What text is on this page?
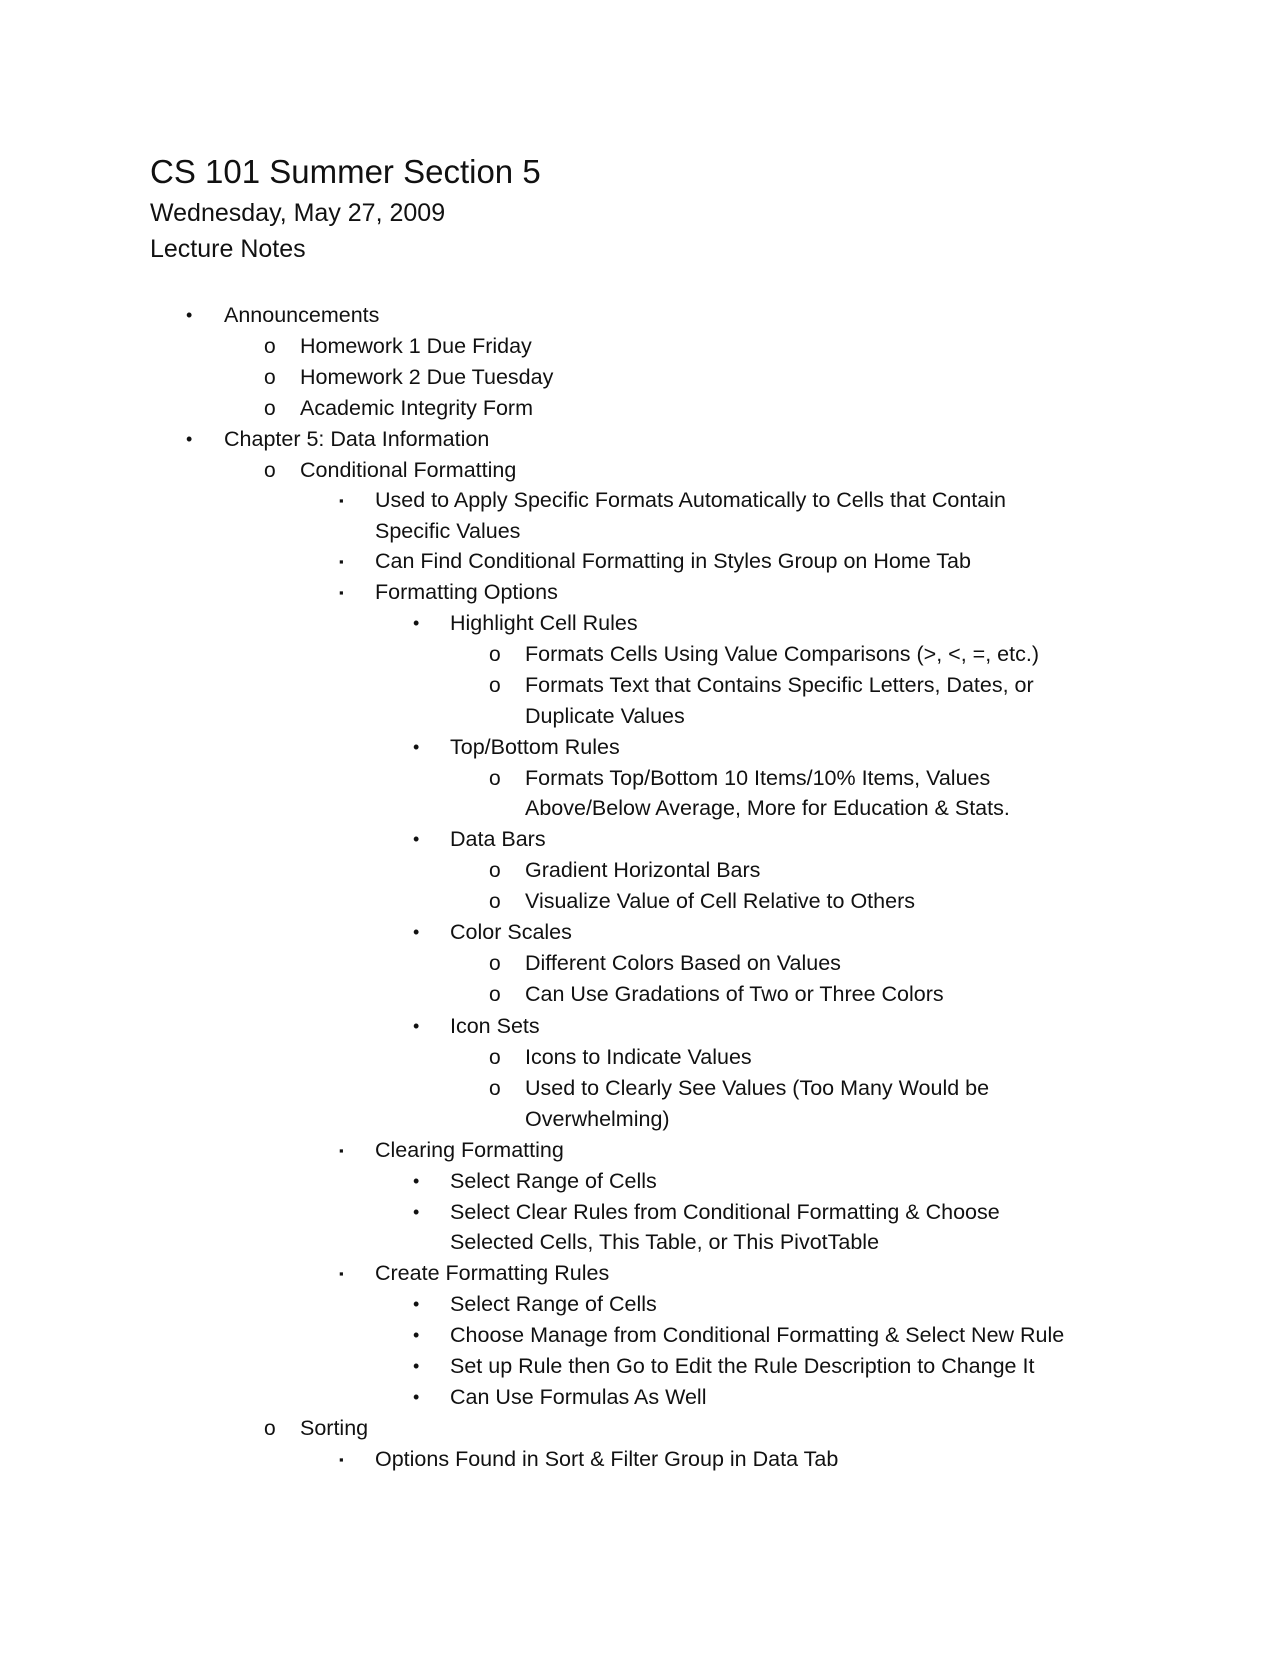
CS 101 Summer Section 5
Wednesday, May 27, 2009
Lecture Notes
•	Announcements
o	Homework 1 Due Friday
o	Homework 2 Due Tuesday
o	Academic Integrity Form
•	Chapter 5: Data Information
o	Conditional Formatting
▪	Used to Apply Specific Formats Automatically to Cells that Contain
Specific Values
▪	Can Find Conditional Formatting in Styles Group on Home Tab
▪	Formatting Options
•	Highlight Cell Rules
o	Formats Cells Using Value Comparisons (>, <, =, etc.)
o	Formats Text that Contains Specific Letters, Dates, or
Duplicate Values
•	Top/Bottom Rules
o	Formats Top/Bottom 10 Items/10% Items, Values
Above/Below Average, More for Education & Stats.
•	Data Bars
o	Gradient Horizontal Bars
o	Visualize Value of Cell Relative to Others
•	Color Scales
o	Different Colors Based on Values
o	Can Use Gradations of Two or Three Colors
•	Icon Sets
o	Icons to Indicate Values
o	Used to Clearly See Values (Too Many Would be
Overwhelming)
▪	Clearing Formatting
•	Select Range of Cells
•	Select Clear Rules from Conditional Formatting & Choose
Selected Cells, This Table, or This PivotTable
▪	Create Formatting Rules
•	Select Range of Cells
•	Choose Manage from Conditional Formatting & Select New Rule
•	Set up Rule then Go to Edit the Rule Description to Change It
•	Can Use Formulas As Well
o	Sorting
▪	Options Found in Sort & Filter Group in Data Tab
